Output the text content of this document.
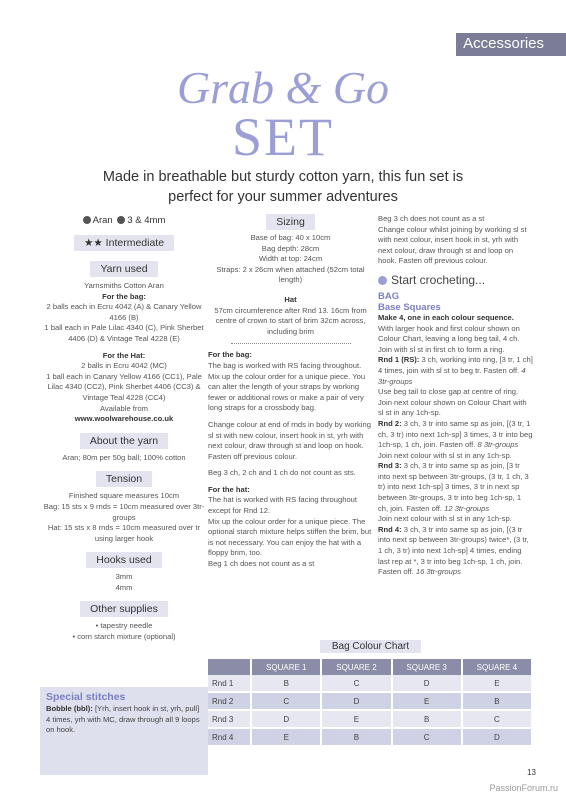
Accessories
Grab & Go
SET
Made in breathable but sturdy cotton yarn, this fun set is perfect for your summer adventures
Aran 3 & 4mm
★★ Intermediate
Yarn used
Yarnsmiths Cotton Aran
For the bag:
2 balls each in Ecru 4042 (A) & Canary Yellow 4166 (B)
1 ball each in Pale Lilac 4340 (C), Pink Sherbet 4406 (D) & Vintage Teal 4228 (E)
For the Hat:
2 balls in Ecru 4042 (MC)
1 ball each in Canary Yellow 4166 (CC1), Pale Lilac 4340 (CC2), Pink Sherbet 4406 (CC3) & Vintage Teal 4228 (CC4)
Available from
www.woolwarehouse.co.uk
About the yarn
Aran; 80m per 50g ball; 100% cotton
Tension
Finished square measures 10cm
Bag: 15 sts x 9 rnds = 10cm measured over 3tr-groups
Hat: 15 sts x 8 rnds = 10cm measured over tr using larger hook
Hooks used
3mm
4mm
Other supplies
• tapestry needle
• corn starch mixture (optional)
Special stitches
Bobble (bbl): [Yrh, insert hook in st, yrh, pull] 4 times, yrh with MC, draw through all 9 loops on hook.
Sizing
Base of bag: 40 x 10cm
Bag depth: 28cm
Width at top: 24cm
Straps: 2 x 26cm when attached (52cm total length)
Hat
57cm circumference after Rnd 13. 16cm from centre of crown to start of brim 32cm across, including brim
For the bag:
The bag is worked with RS facing throughout.
Mix up the colour order for a unique piece. You can alter the length of your straps by working fewer or additional rows or make a pair of very long straps for a crossbody bag.
Change colour at end of rnds in body by working sl st with new colour, insert hook in st, yrh with next colour, draw through st and loop on hook. Fasten off previous colour.
Beg 3 ch, 2 ch and 1 ch do not count as sts.
For the hat:
The hat is worked with RS facing throughout except for Rnd 12.
Mix up the colour order for a unique piece. The optional starch mixture helps stiffen the brim, but is not necessary. You can enjoy the hat with a floppy brim, too.
Beg 1 ch does not count as a st
Beg 3 ch does not count as a st
Change colour whilst joining by working sl st with next colour, insert hook in st, yrh with next colour, draw through st and loop on hook. Fasten off previous colour.
Start crocheting...
BAG
Base Squares
Make 4, one in each colour sequence.
With larger hook and first colour shown on Colour Chart, leaving a long beg tail, 4 ch. Join with sl st in first ch to form a ring.
Rnd 1 (RS): 3 ch, working into ring, [3 tr, 1 ch] 4 times, join with sl st to beg tr. Fasten off. 4 3tr-groups
Use beg tail to close gap at centre of ring. Join next colour shown on Colour Chart with sl st in any 1ch-sp.
Rnd 2: 3 ch, 3 tr into same sp as join, [(3 tr, 1 ch, 3 tr) into next 1ch-sp] 3 times, 3 tr into beg 1ch-sp, 1 ch, join. Fasten off. 8 3tr-groups
Join next colour with sl st in any 1ch-sp.
Rnd 3: 3 ch, 3 tr into same sp as join, [3 tr into next sp between 3tr-groups, (3 tr, 1 ch, 3 tr) into next 1ch-sp] 3 times, 3 tr in next sp between 3tr-groups, 3 tr into beg 1ch-sp, 1 ch, join. Fasten off. 12 3tr-groups
Join next colour with sl st in any 1ch-sp.
Rnd 4: 3 ch, 3 tr into same sp as join, [(3 tr into next sp between 3tr-groups) twice*, (3 tr, 1 ch, 3 tr) into next 1ch-sp] 4 times, ending last rep at *, 3 tr into beg 1ch-sp, 1 ch, join. Fasten off. 16 3tr-groups
Bag Colour Chart
	SQUARE 1	SQUARE 2	SQUARE 3	SQUARE 4
Rnd 1	B	C	D	E
Rnd 2	C	D	E	B
Rnd 3	D	E	B	C
Rnd 4	E	B	C	D
13
PassionForum.ru
